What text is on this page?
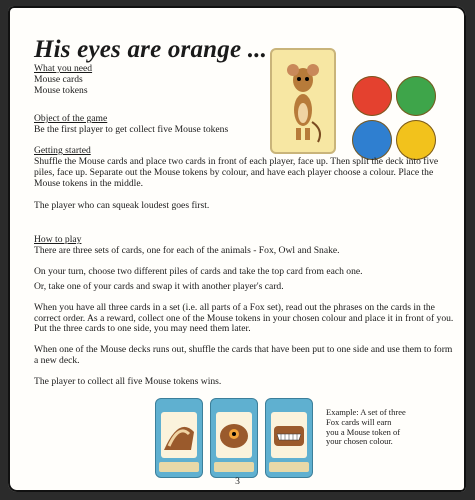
His eyes are orange ...
What you need
Mouse cards
Mouse tokens
Object of the game
Be the first player to get collect five Mouse tokens
Getting started

Shuffle the Mouse cards and place two cards in front of each player, face up. Then split the deck into five piles, face up. Separate out the Mouse tokens by colour, and have each player choose a colour. Place the Mouse tokens in the middle.

The player who can squeak loudest goes first.

How to play

There are three sets of cards, one for each of the animals - Fox, Owl and Snake.

On your turn, choose two different piles of cards and take the top card from each one.

Or, take one of your cards and swap it with another player's card.

When you have all three cards in a set (i.e. all parts of a Fox set), read out the phrases on the cards in the correct order. As a reward, collect one of the Mouse tokens in your chosen colour and place it in front of you. Put the three cards to one side, you may need them later.

When one of the Mouse decks runs out, shuffle the cards that have been put to one side and use them to form a new deck.

The player to collect all five Mouse tokens wins.

Example: A set of three Fox cards will earn you a Mouse token of your chosen colour.
3
